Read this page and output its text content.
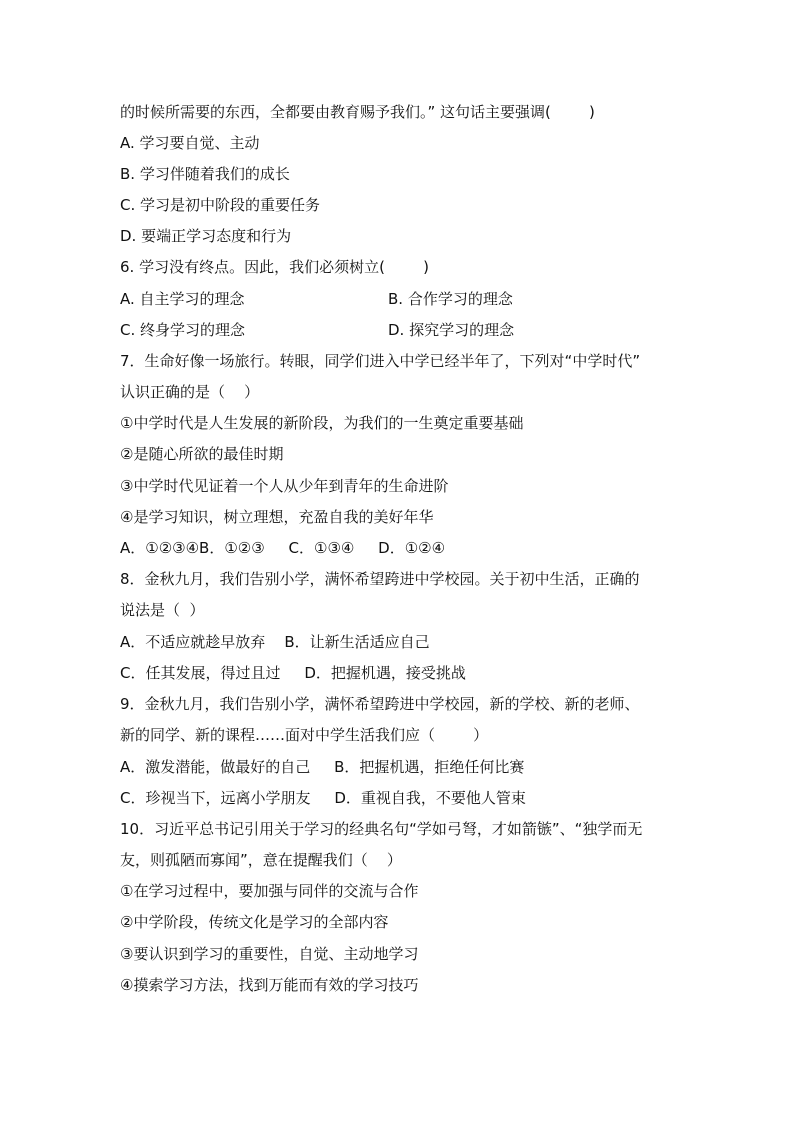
的时候所需要的东西，全都要由教育赐予我们。” 这句话主要强调(        )
A. 学习要自觉、主动
B. 学习伴随着我们的成长
C. 学习是初中阶段的重要任务
D. 要端正学习态度和行为
6. 学习没有终点。因此，我们必须树立(        )
A. 自主学习的理念	B. 合作学习的理念
C. 终身学习的理念	D. 探究学习的理念
7．生命好像一场旅行。转眼，同学们进入中学已经半年了，下列对“中学时代”
认识正确的是（    ）
①中学时代是人生发展的新阶段，为我们的一生奠定重要基础
②是随心所欲的最佳时期
③中学时代见证着一个人从少年到青年的生命进阶
④是学习知识，树立理想，充盈自我的美好年华
A．①②③④B．①②③     C．①③④     D．①②④
8．金秋九月，我们告别小学，满怀希望跨进中学校园。关于初中生活，正确的
说法是（  ）
A．不适应就趁早放弃    B．让新生活适应自己
C．任其发展，得过且过     D．把握机遇，接受挑战
9．金秋九月，我们告别小学，满怀希望跨进中学校园，新的学校、新的老师、
新的同学、新的课程……面对中学生活我们应（        ）
A．激发潜能，做最好的自己     B．把握机遇，拒绝任何比赛
C．珍视当下，远离小学朋友     D．重视自我，不要他人管束
10．习近平总书记引用关于学习的经典名句“学如弓弩，才如箭镞”、“独学而无
友，则孤陋而寡闻”，意在提醒我们（    ）
①在学习过程中，要加强与同伴的交流与合作
②中学阶段，传统文化是学习的全部内容
③要认识到学习的重要性，自觉、主动地学习
④摸索学习方法，找到万能而有效的学习技巧
